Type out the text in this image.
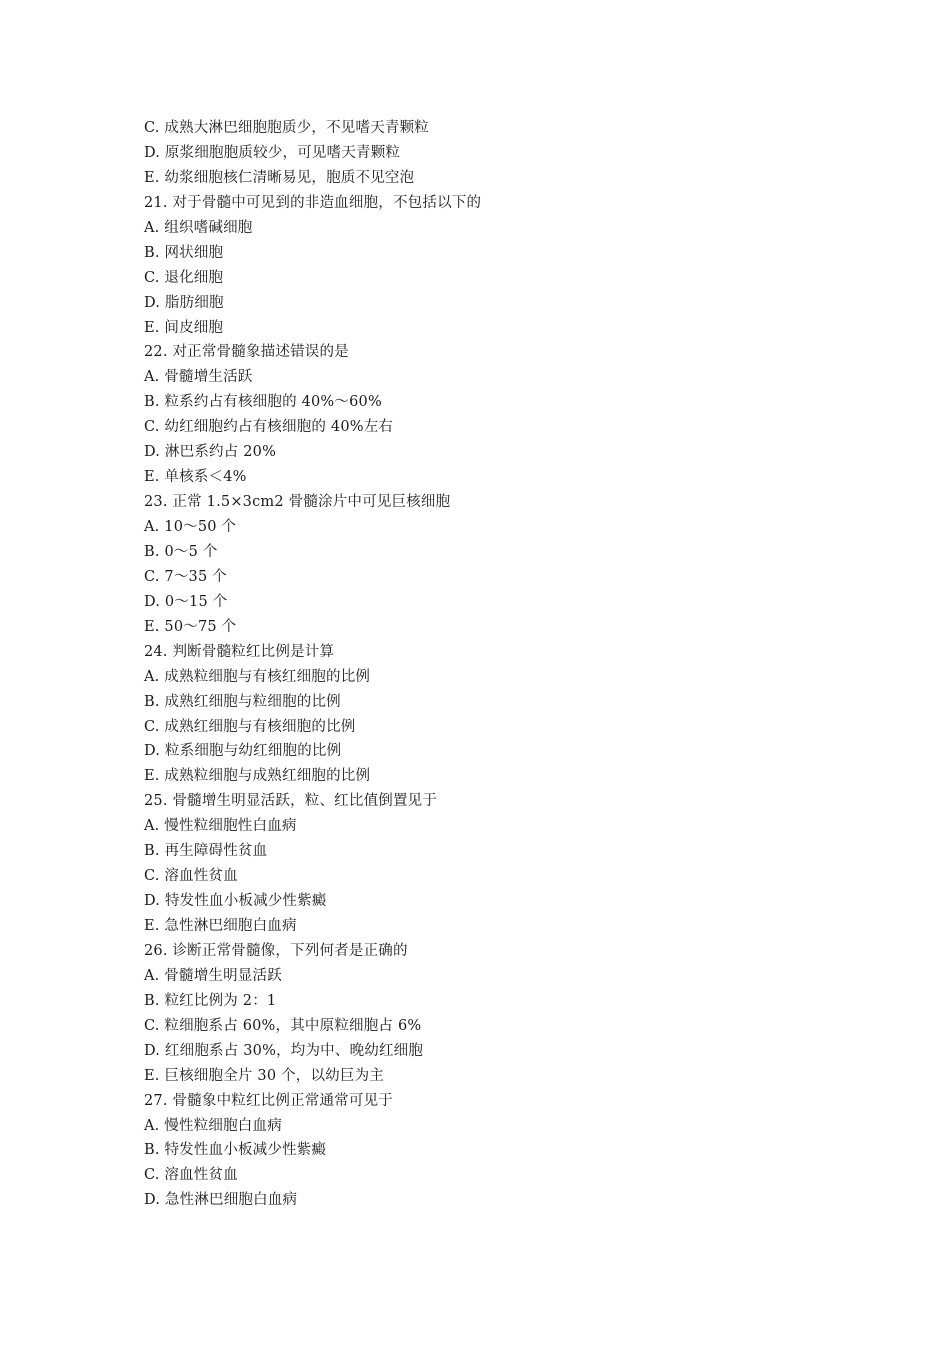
C. 成熟大淋巴细胞胞质少，不见嗜天青颗粒
D. 原浆细胞胞质较少，可见嗜天青颗粒
E. 幼浆细胞核仁清晰易见，胞质不见空泡
21. 对于骨髓中可见到的非造血细胞，不包括以下的
A. 组织嗜碱细胞
B. 网状细胞
C. 退化细胞
D. 脂肪细胞
E. 间皮细胞
22. 对正常骨髓象描述错误的是
A. 骨髓增生活跃
B. 粒系约占有核细胞的 40%～60%
C. 幼红细胞约占有核细胞的 40%左右
D. 淋巴系约占 20%
E. 单核系＜4%
23. 正常 1.5×3cm2 骨髓涂片中可见巨核细胞
A. 10～50 个
B. 0～5 个
C. 7～35 个
D. 0～15 个
E. 50～75 个
24. 判断骨髓粒红比例是计算
A. 成熟粒细胞与有核红细胞的比例
B. 成熟红细胞与粒细胞的比例
C. 成熟红细胞与有核细胞的比例
D. 粒系细胞与幼红细胞的比例
E. 成熟粒细胞与成熟红细胞的比例
25. 骨髓增生明显活跃，粒、红比值倒置见于
A. 慢性粒细胞性白血病
B. 再生障碍性贫血
C. 溶血性贫血
D. 特发性血小板减少性紫癜
E. 急性淋巴细胞白血病
26. 诊断正常骨髓像，下列何者是正确的
A. 骨髓增生明显活跃
B. 粒红比例为 2：1
C. 粒细胞系占 60%，其中原粒细胞占 6%
D. 红细胞系占 30%，均为中、晚幼红细胞
E. 巨核细胞全片 30 个，以幼巨为主
27. 骨髓象中粒红比例正常通常可见于
A. 慢性粒细胞白血病
B. 特发性血小板减少性紫癜
C. 溶血性贫血
D. 急性淋巴细胞白血病
